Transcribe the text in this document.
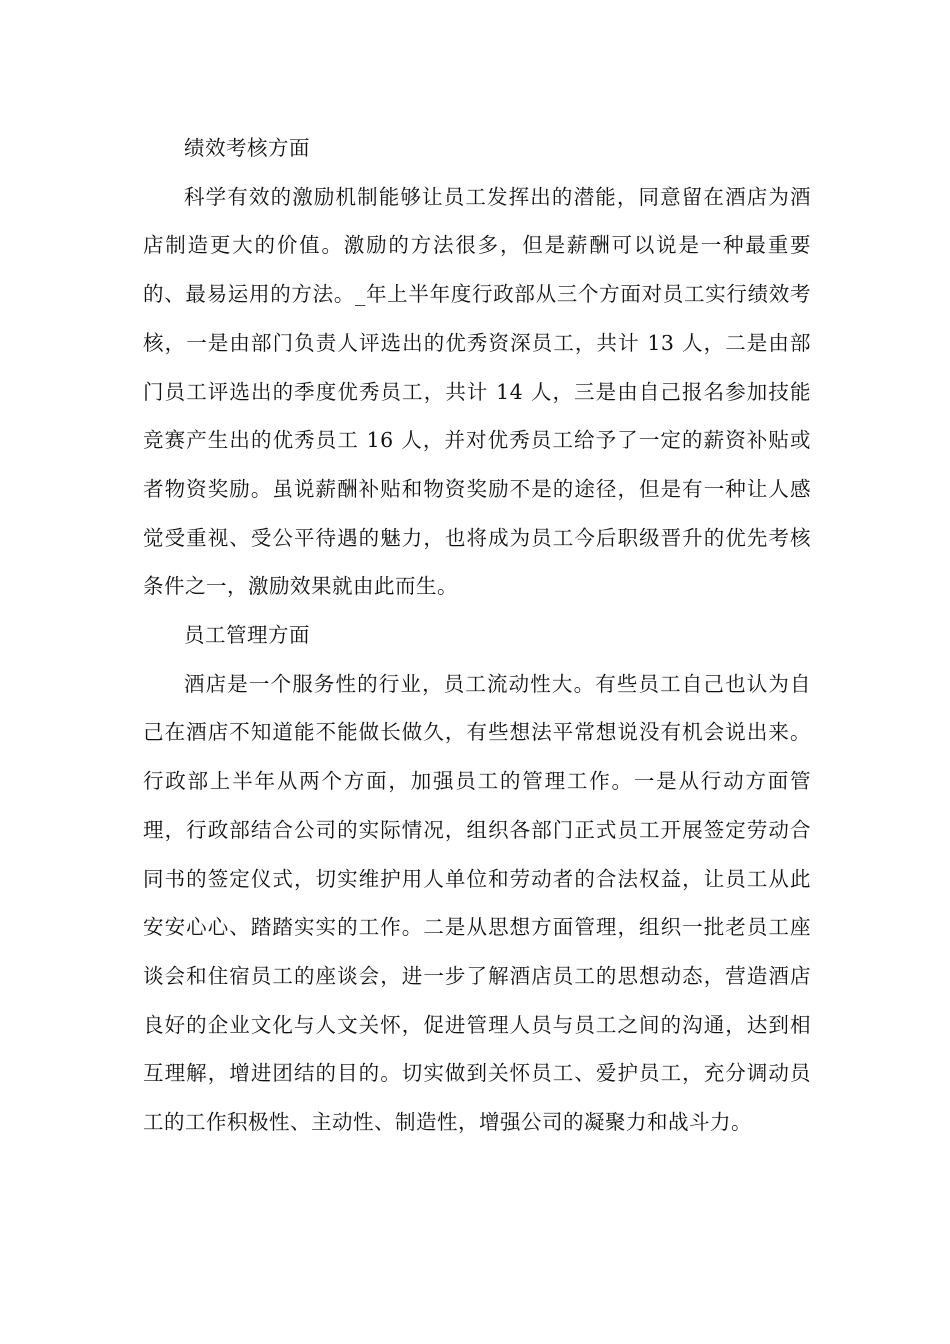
绩效考核方面

科学有效的激励机制能够让员工发挥出的潜能，同意留在酒店为酒店制造更大的价值。激励的方法很多，但是薪酬可以说是一种最重要的、最易运用的方法。_年上半年度行政部从三个方面对员工实行绩效考核，一是由部门负责人评选出的优秀资深员工，共计 13 人，二是由部门员工评选出的季度优秀员工，共计 14 人，三是由自己报名参加技能竞赛产生出的优秀员工 16 人，并对优秀员工给予了一定的薪资补贴或者物资奖励。虽说薪酬补贴和物资奖励不是的途径，但是有一种让人感觉受重视、受公平待遇的魅力，也将成为员工今后职级晋升的优先考核条件之一，激励效果就由此而生。

员工管理方面

酒店是一个服务性的行业，员工流动性大。有些员工自己也认为自己在酒店不知道能不能做长做久，有些想法平常想说没有机会说出来。行政部上半年从两个方面，加强员工的管理工作。一是从行动方面管理，行政部结合公司的实际情况，组织各部门正式员工开展签定劳动合同书的签定仪式，切实维护用人单位和劳动者的合法权益，让员工从此安安心心、踏踏实实的工作。二是从思想方面管理，组织一批老员工座谈会和住宿员工的座谈会，进一步了解酒店员工的思想动态，营造酒店良好的企业文化与人文关怀，促进管理人员与员工之间的沟通，达到相互理解，增进团结的目的。切实做到关怀员工、爱护员工，充分调动员工的工作积极性、主动性、制造性，增强公司的凝聚力和战斗力。
